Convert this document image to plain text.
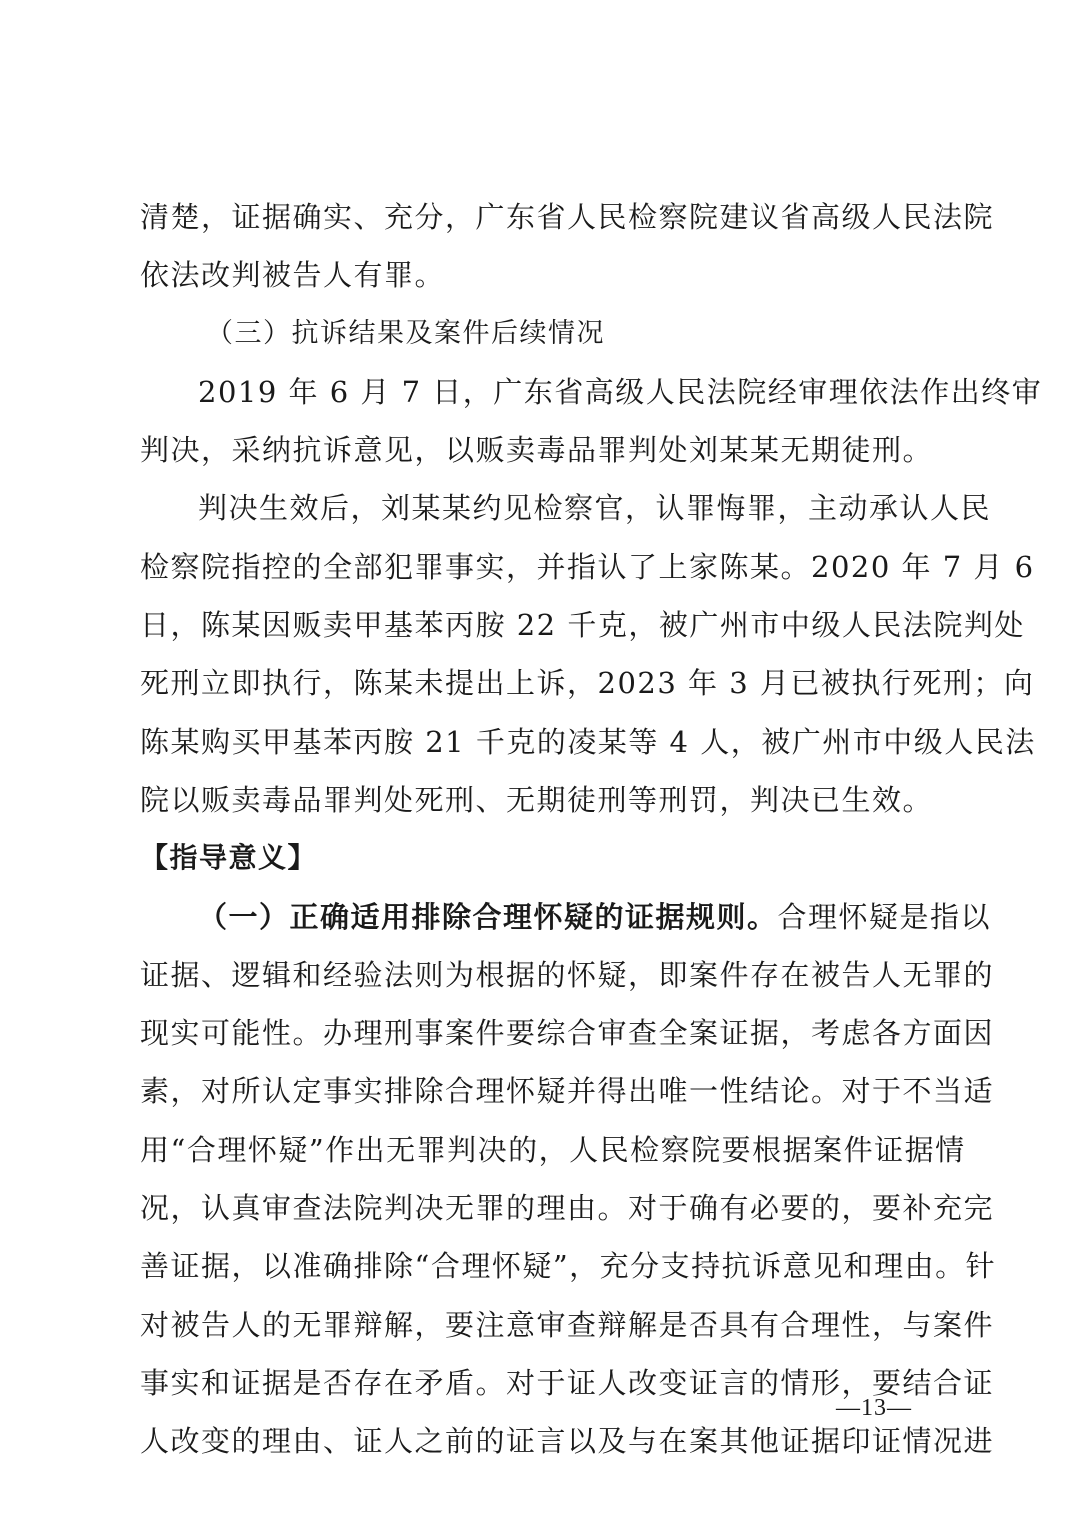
清楚，证据确实、充分，广东省人民检察院建议省高级人民法院
依法改判被告人有罪。
（三）抗诉结果及案件后续情况
2019 年 6 月 7 日，广东省高级人民法院经审理依法作出终审
判决，采纳抗诉意见，以贩卖毒品罪判处刘某某无期徒刑。
判决生效后，刘某某约见检察官，认罪悔罪，主动承认人民
检察院指控的全部犯罪事实，并指认了上家陈某。2020 年 7 月 6
日，陈某因贩卖甲基苯丙胺 22 千克，被广州市中级人民法院判处
死刑立即执行，陈某未提出上诉，2023 年 3 月已被执行死刑；向
陈某购买甲基苯丙胺 21 千克的凌某等 4 人，被广州市中级人民法
院以贩卖毒品罪判处死刑、无期徒刑等刑罚，判决已生效。
【指导意义】
（一）正确适用排除合理怀疑的证据规则。合理怀疑是指以
证据、逻辑和经验法则为根据的怀疑，即案件存在被告人无罪的
现实可能性。办理刑事案件要综合审查全案证据，考虑各方面因
素，对所认定事实排除合理怀疑并得出唯一性结论。对于不当适
用“合理怀疑”作出无罪判决的，人民检察院要根据案件证据情
况，认真审查法院判决无罪的理由。对于确有必要的，要补充完
善证据，以准确排除“合理怀疑”，充分支持抗诉意见和理由。针
对被告人的无罪辩解，要注意审查辩解是否具有合理性，与案件
事实和证据是否存在矛盾。对于证人改变证言的情形，要结合证
人改变的理由、证人之前的证言以及与在案其他证据印证情况进
—13—
